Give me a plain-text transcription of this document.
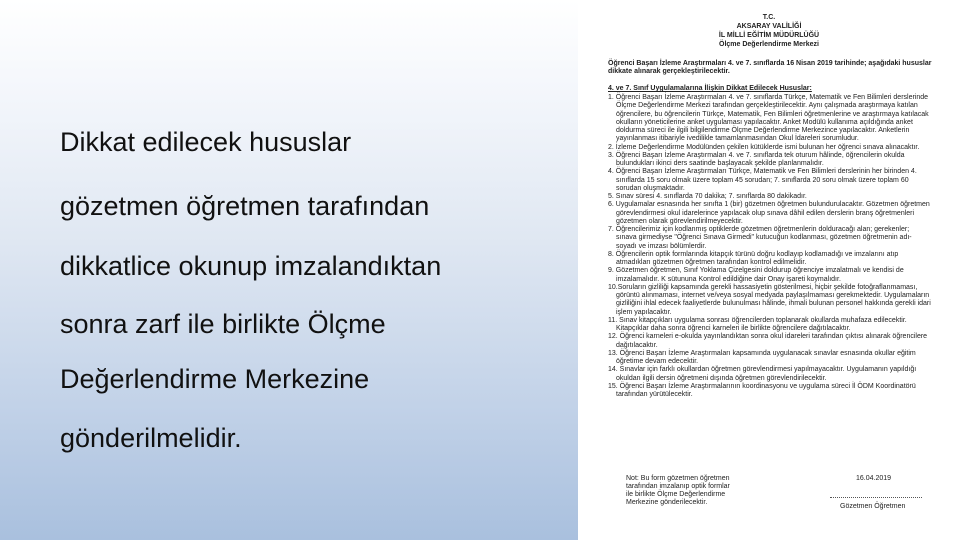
Dikkat edilecek hususlar
gözetmen öğretmen tarafından
dikkatlice okunup imzalandıktan
sonra zarf ile birlikte Ölçme
Değerlendirme Merkezine
gönderilmelidir.
T.C.
AKSARAY VALİLİĞİ
İL MİLLİ EĞİTİM MÜDÜRLÜĞÜ
Ölçme Değerlendirme Merkezi
Öğrenci Başarı İzleme Araştırmaları 4. ve 7. sınıflarda 16 Nisan 2019 tarihinde; aşağıdaki hususlar
dikkate alınarak gerçekleştirilecektir.
4. ve 7. Sınıf Uygulamalarına İlişkin Dikkat Edilecek Hususlar:
1. Öğrenci Başarı İzleme Araştırmaları 4. ve 7. sınıflarda Türkçe, Matematik ve Fen Bilimleri derslerinde
Ölçme Değerlendirme Merkezi tarafından gerçekleştirilecektir. Aynı çalışmada araştırmaya katılan
öğrencilere, bu öğrencilerin Türkçe, Matematik, Fen Bilimleri öğretmenlerine ve araştırmaya katılacak
okulların yöneticilerine anket uygulaması yapılacaktır. Anket Modülü kullanıma açıldığında anket
doldurma süreci ile ilgili bilgilendirme Ölçme Değerlendirme Merkezince yapılacaktır. Anketlerin
yayınlanması itibariyle ivedilikle tamamlanmasından Okul İdareleri sorumludur.
2. İzleme Değerlendirme Modülünden çekilen kütüklerde ismi bulunan her öğrenci sınava alınacaktır.
3. Öğrenci Başarı İzleme Araştırmaları 4. ve 7. sınıflarda tek oturum hâlinde, öğrencilerin okulda
bulundukları ikinci ders saatinde başlayacak şekilde planlanmalıdır.
4. Öğrenci Başarı İzleme Araştırmaları Türkçe, Matematik ve Fen Bilimleri derslerinin her birinden 4.
sınıflarda 15 soru olmak üzere toplam 45 sorudan; 7. sınıflarda 20 soru olmak üzere toplam 60
sorudan oluşmaktadır.
5. Sınav süresi 4. sınıflarda 70 dakika; 7. sınıflarda 80 dakikadır.
6. Uygulamalar esnasında her sınıfta 1 (bir) gözetmen öğretmen bulundurulacaktır. Gözetmen öğretmen
görevlendirmesi okul idarelerince yapılacak olup sınava dâhil edilen derslerin branş öğretmenleri
gözetmen olarak görevlendirilmeyecektir.
7. Öğrencilerimiz için kodlanmış optiklerde gözetmen öğretmenlerin dolduracağı alan; gerekenler;
sınava girmediyse "Öğrenci Sınava Girmedi" kutucuğun kodlanması, gözetmen öğretmenin adı-
soyadı ve imzası bölümlerdir.
8. Öğrencilerin optik formlarında kitapçık türünü doğru kodlayıp kodlamadığı ve imzalarını atıp
atmadıkları gözetmen öğretmen tarafından kontrol edilmelidir.
9. Gözetmen öğretmen, Sınıf Yoklama Çizelgesini doldurup öğrenciye imzalatmalı ve kendisi de
imzalamalıdır. K sütununa Kontrol edildiğine dair Onay işareti koymalıdır.
10.Soruların gizliliği kapsamında gerekli hassasiyetin gösterilmesi, hiçbir şekilde fotoğraflanmaması,
görüntü alınmaması, internet ve/veya sosyal medyada paylaşılmaması gerekmektedir. Uygulamaların
gizliliğini ihlal edecek faaliyetlerde bulunulması hâlinde, ihmali bulunan personel hakkında gerekli idari
işlem yapılacaktır.
11. Sınav kitapçıkları uygulama sonrası öğrencilerden toplanarak okullarda muhafaza edilecektir.
Kitapçıklar daha sonra öğrenci karneleri ile birlikte öğrencilere dağıtılacaktır.
12. Öğrenci karneleri e-okulda yayınlandıktan sonra okul idareleri tarafından çıktısı alınarak öğrencilere
dağıtılacaktır.
13. Öğrenci Başarı İzleme Araştırmaları kapsamında uygulanacak sınavlar esnasında okullar eğitim
öğretime devam edecektir.
14. Sınavlar için farklı okullardan öğretmen görevlendirmesi yapılmayacaktır. Uygulamanın yapıldığı
okuldan ilgili dersin öğretmeni dışında öğretmen görevlendirilecektir.
15. Öğrenci Başarı İzleme Araştırmalarının koordinasyonu ve uygulama süreci İl ÖDM Koordinatörü
tarafından yürütülecektir.
Not: Bu form gözetmen öğretmen
tarafından imzalanıp optik formlar
ile birlikte Ölçme Değerlendirme
Merkezine gönderilecektir.
16.04.2019
Gözetmen Öğretmen
